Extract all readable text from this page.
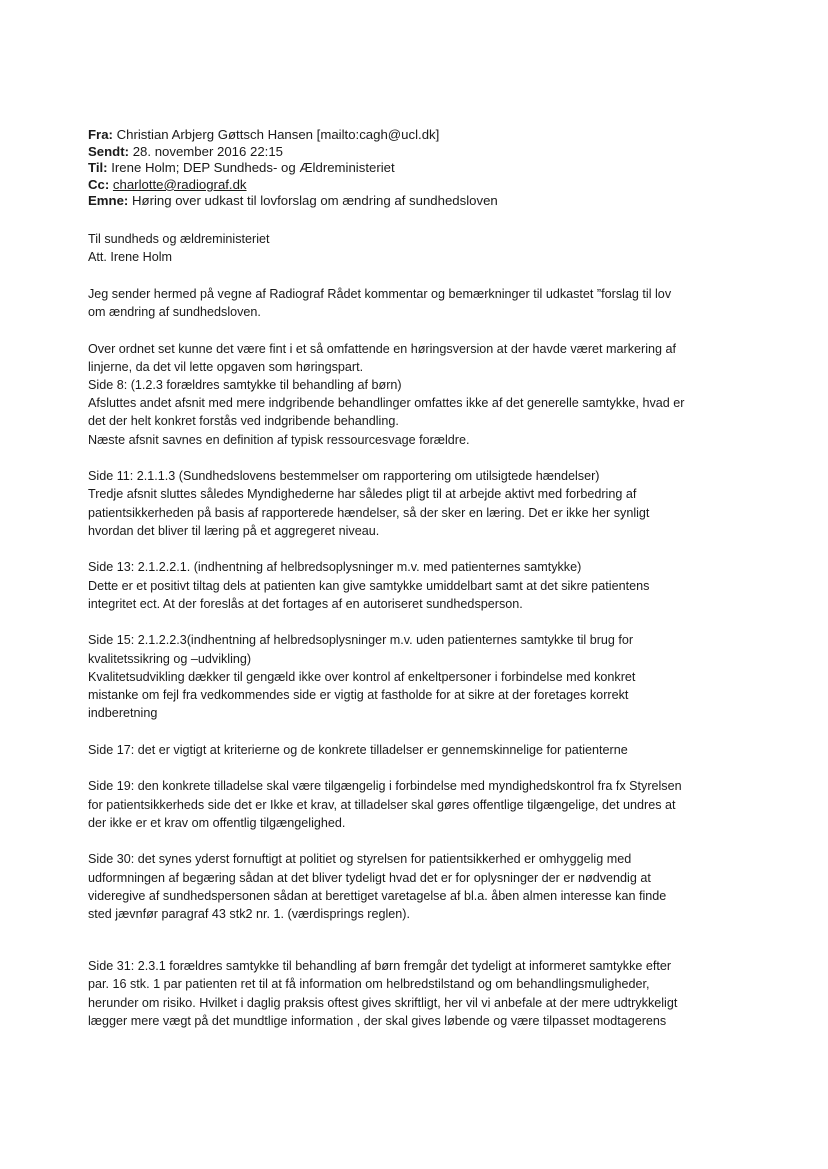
Fra: Christian Arbjerg Gøttsch Hansen [mailto:cagh@ucl.dk]
Sendt: 28. november 2016 22:15
Til: Irene Holm; DEP Sundheds- og Ældreministeriet
Cc: charlotte@radiograf.dk
Emne: Høring over udkast til lovforslag om ændring af sundhedsloven
Til sundheds og ældreministeriet
Att. Irene Holm
Jeg sender hermed på vegne af Radiograf Rådet kommentar og bemærkninger til udkastet ”forslag til lov
om ændring af sundhedsloven.
Over ordnet set kunne det være fint i et så omfattende en høringsversion at der havde været markering af
linjerne, da det vil lette opgaven som høringspart.
Side 8: (1.2.3 forældres samtykke til behandling af børn)
Afsluttes andet afsnit med mere indgribende behandlinger omfattes ikke af det generelle samtykke, hvad er
det der helt konkret forstås ved indgribende behandling.
Næste afsnit savnes en definition af typisk ressourcesvage forældre.
Side 11: 2.1.1.3 (Sundhedslovens bestemmelser om rapportering om utilsigtede hændelser)
Tredje afsnit sluttes således Myndighederne har således pligt til at arbejde aktivt med forbedring af
patientsikkerheden på basis af rapporterede hændelser, så der sker en læring. Det er ikke her synligt
hvordan det bliver til læring på et aggregeret niveau.
Side 13: 2.1.2.2.1. (indhentning af helbredsoplysninger m.v. med patienternes samtykke)
Dette er et positivt tiltag dels at patienten kan give samtykke umiddelbart samt at det sikre patientens
integritet ect. At der foreslås at det fortages af en autoriseret sundhedsperson.
Side 15: 2.1.2.2.3(indhentning af helbredsoplysninger m.v. uden patienternes samtykke til brug for
kvalitetssikring og –udvikling)
Kvalitetsudvikling dækker til gengæld ikke over kontrol af enkeltpersoner i forbindelse med konkret
mistanke om fejl fra vedkommendes side er vigtig at fastholde for at sikre at der foretages korrekt
indberetning
Side 17: det er vigtigt at kriterierne og de konkrete tilladelser er gennemskinnelige for patienterne
Side 19: den konkrete tilladelse skal være tilgængelig i forbindelse med myndighedskontrol fra fx Styrelsen
for patientsikkerheds side det er Ikke et krav, at tilladelser skal gøres offentlige tilgængelige, det undres at
der ikke er et krav om offentlig tilgængelighed.
Side 30: det synes yderst fornuftigt at politiet og styrelsen for patientsikkerhed er omhyggelig med
udformningen af begæring sådan at det bliver tydeligt hvad det er for oplysninger der er nødvendig at
videregive af sundhedspersonen sådan at berettiget varetagelse af bl.a. åben almen interesse kan finde
sted jævnfør paragraf 43 stk2 nr. 1. (værdisprings reglen).
Side 31: 2.3.1 forældres samtykke til behandling af børn fremgår det tydeligt at informeret samtykke efter
par. 16 stk. 1 par patienten ret til at få information om helbredstilstand og om behandlingsmuligheder,
herunder om risiko. Hvilket i daglig praksis oftest gives skriftligt, her vil vi anbefale at der mere udtrykkeligt
lægger mere vægt på det mundtlige information , der skal gives løbende og være tilpasset modtagerens
